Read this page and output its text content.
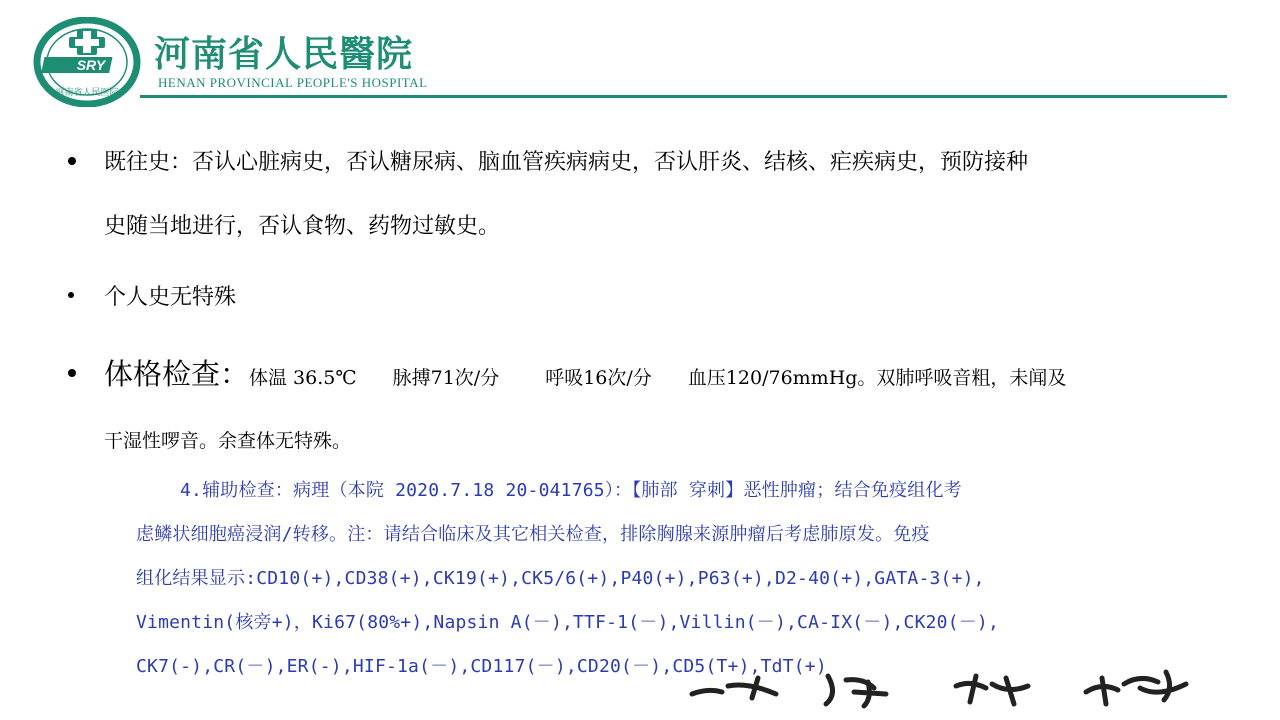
SRY
河南省人民医院
河南省人民醫院
HENAN PROVINCIAL PEOPLE'S HOSPITAL
既往史：否认心脏病史，否认糖尿病、脑血管疾病病史，否认肝炎、结核、疟疾病史，预防接种
史随当地进行，否认食物、药物过敏史。
个人史无特殊
体格检查：体温 36.5℃ 脉搏71次/分 呼吸16次/分 血压120/76mmHg。双肺呼吸音粗，未闻及
干湿性啰音。余查体无特殊。
4.辅助检查：病理（本院 2020.7.18 20-041765）：【肺部 穿刺】恶性肿瘤；结合免疫组化考
虑鳞状细胞癌浸润/转移。注：请结合临床及其它相关检查，排除胸腺来源肿瘤后考虑肺原发。免疫
组化结果显示:CD10(+),CD38(+),CK19(+),CK5/6(+),P40(+),P63(+),D2-40(+),GATA-3(+),
Vimentin(核旁+)，Ki67(80%+),Napsin A(－),TTF-1(－),Villin(－),CA-IX(－),CK20(－),
CK7(-),CR(－),ER(-),HIF-1a(－),CD117(－),CD20(－),CD5(T+),TdT(+)
